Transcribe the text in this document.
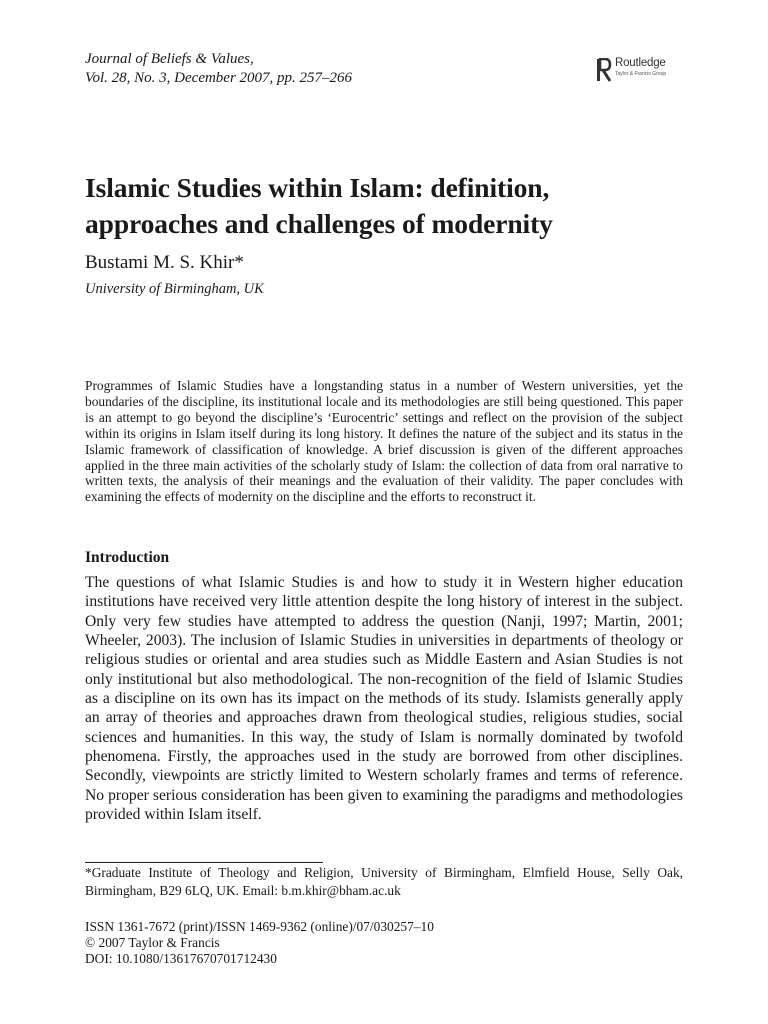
Journal of Beliefs & Values,
Vol. 28, No. 3, December 2007, pp. 257–266
Routledge
Taylor & Francis Group
Islamic Studies within Islam: definition,
approaches and challenges of modernity
Bustami M. S. Khir*
University of Birmingham, UK
Programmes of Islamic Studies have a longstanding status in a number of Western universities, yet the boundaries of the discipline, its institutional locale and its methodologies are still being questioned. This paper is an attempt to go beyond the discipline’s ‘Eurocentric’ settings and reflect on the provision of the subject within its origins in Islam itself during its long history. It defines the nature of the subject and its status in the Islamic framework of classification of knowledge. A brief discussion is given of the different approaches applied in the three main activities of the scholarly study of Islam: the collection of data from oral narrative to written texts, the analysis of their meanings and the evaluation of their validity. The paper concludes with examining the effects of modernity on the discipline and the efforts to reconstruct it.
Introduction
The questions of what Islamic Studies is and how to study it in Western higher education institutions have received very little attention despite the long history of interest in the subject. Only very few studies have attempted to address the question (Nanji, 1997; Martin, 2001; Wheeler, 2003). The inclusion of Islamic Studies in universities in departments of theology or religious studies or oriental and area studies such as Middle Eastern and Asian Studies is not only institutional but also methodological. The non-recognition of the field of Islamic Studies as a discipline on its own has its impact on the methods of its study. Islamists generally apply an array of theories and approaches drawn from theological studies, religious studies, social sciences and humanities. In this way, the study of Islam is normally dominated by twofold phenomena. Firstly, the approaches used in the study are borrowed from other disciplines. Secondly, viewpoints are strictly limited to Western scholarly frames and terms of reference. No proper serious consideration has been given to examining the paradigms and methodologies provided within Islam itself.
*Graduate Institute of Theology and Religion, University of Birmingham, Elmfield House, Selly Oak, Birmingham, B29 6LQ, UK. Email: b.m.khir@bham.ac.uk
ISSN 1361-7672 (print)/ISSN 1469-9362 (online)/07/030257–10
© 2007 Taylor & Francis
DOI: 10.1080/13617670701712430
